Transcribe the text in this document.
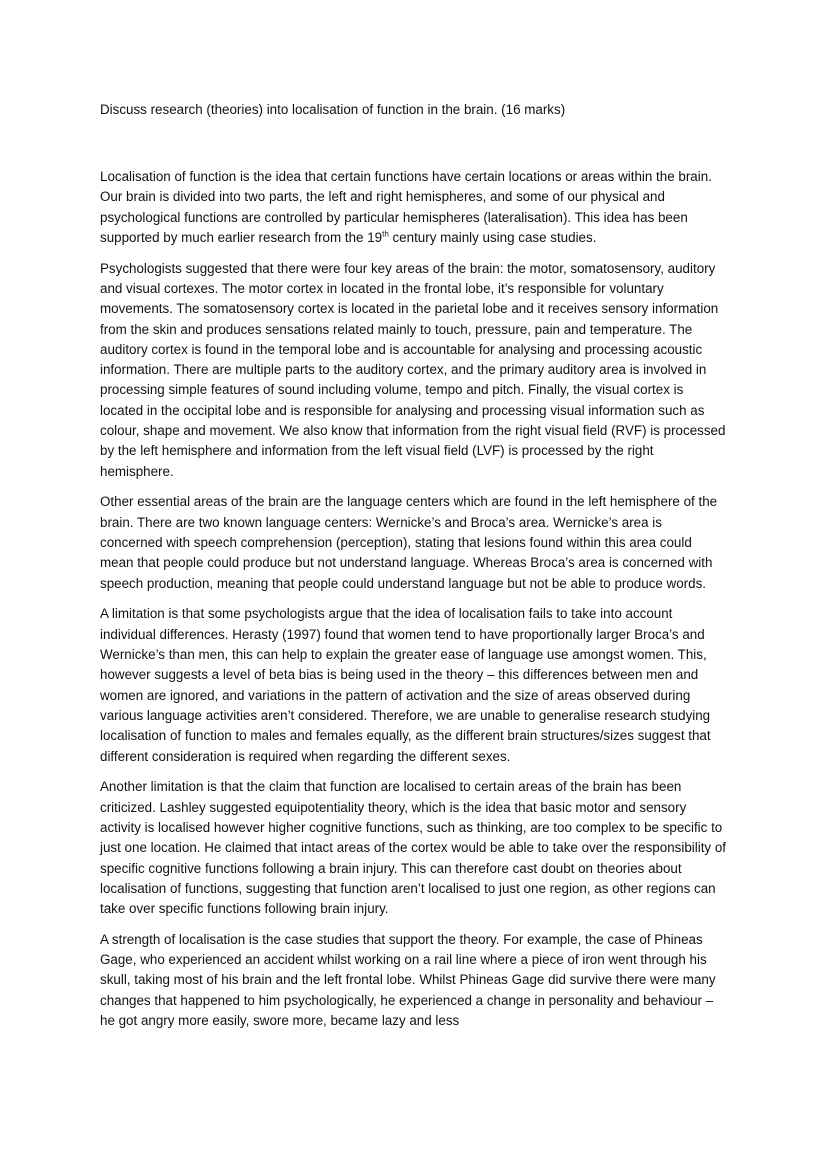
Discuss research (theories) into localisation of function in the brain. (16 marks)

Localisation of function is the idea that certain functions have certain locations or areas within the brain. Our brain is divided into two parts, the left and right hemispheres, and some of our physical and psychological functions are controlled by particular hemispheres (lateralisation). This idea has been supported by much earlier research from the 19th century mainly using case studies.

Psychologists suggested that there were four key areas of the brain: the motor, somatosensory, auditory and visual cortexes. The motor cortex in located in the frontal lobe, it’s responsible for voluntary movements. The somatosensory cortex is located in the parietal lobe and it receives sensory information from the skin and produces sensations related mainly to touch, pressure, pain and temperature. The auditory cortex is found in the temporal lobe and is accountable for analysing and processing acoustic information. There are multiple parts to the auditory cortex, and the primary auditory area is involved in processing simple features of sound including volume, tempo and pitch. Finally, the visual cortex is located in the occipital lobe and is responsible for analysing and processing visual information such as colour, shape and movement. We also know that information from the right visual field (RVF) is processed by the left hemisphere and information from the left visual field (LVF) is processed by the right hemisphere.

Other essential areas of the brain are the language centers which are found in the left hemisphere of the brain. There are two known language centers: Wernicke’s and Broca’s area. Wernicke’s area is concerned with speech comprehension (perception), stating that lesions found within this area could mean that people could produce but not understand language. Whereas Broca’s area is concerned with speech production, meaning that people could understand language but not be able to produce words.

A limitation is that some psychologists argue that the idea of localisation fails to take into account individual differences. Herasty (1997) found that women tend to have proportionally larger Broca’s and Wernicke’s than men, this can help to explain the greater ease of language use amongst women. This, however suggests a level of beta bias is being used in the theory – this differences between men and women are ignored, and variations in the pattern of activation and the size of areas observed during various language activities aren’t considered. Therefore, we are unable to generalise research studying localisation of function to males and females equally, as the different brain structures/sizes suggest that different consideration is required when regarding the different sexes.

Another limitation is that the claim that function are localised to certain areas of the brain has been criticized. Lashley suggested equipotentiality theory, which is the idea that basic motor and sensory activity is localised however higher cognitive functions, such as thinking, are too complex to be specific to just one location. He claimed that intact areas of the cortex would be able to take over the responsibility of specific cognitive functions following a brain injury. This can therefore cast doubt on theories about localisation of functions, suggesting that function aren’t localised to just one region, as other regions can take over specific functions following brain injury.

A strength of localisation is the case studies that support the theory. For example, the case of Phineas Gage, who experienced an accident whilst working on a rail line where a piece of iron went through his skull, taking most of his brain and the left frontal lobe. Whilst Phineas Gage did survive there were many changes that happened to him psychologically, he experienced a change in personality and behaviour – he got angry more easily, swore more, became lazy and less
